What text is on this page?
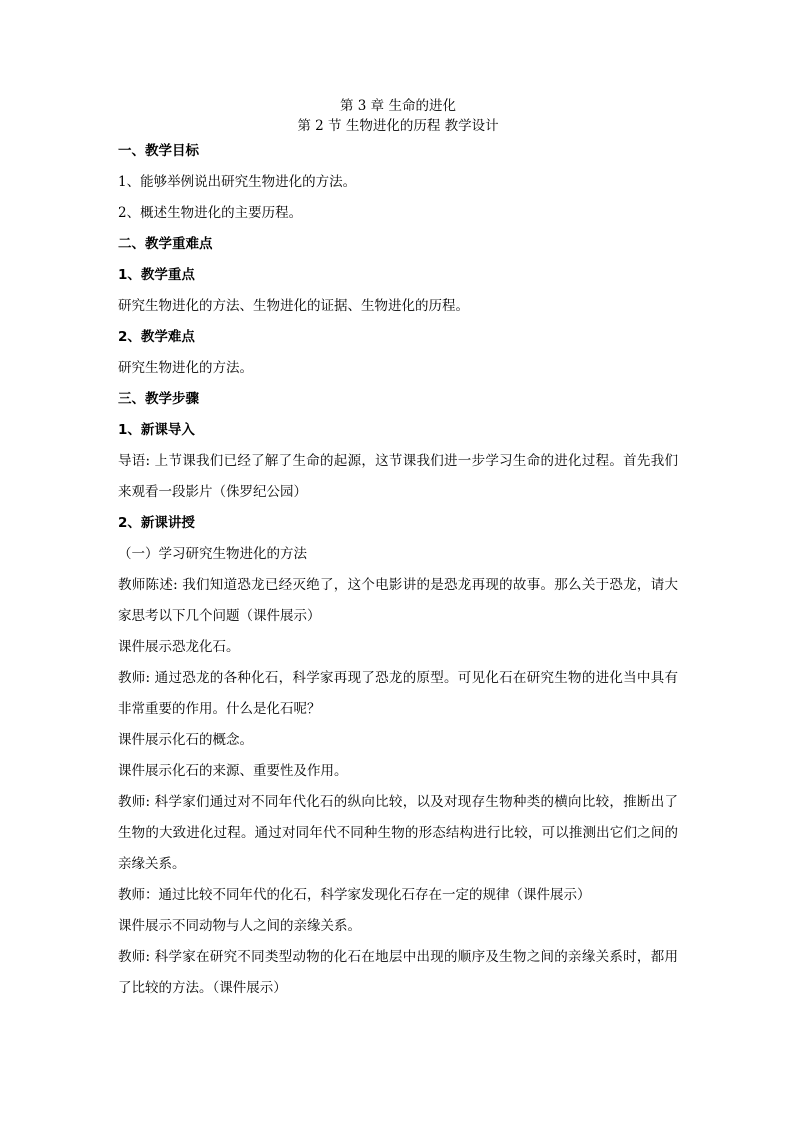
第 3 章 生命的进化

第 2 节 生物进化的历程 教学设计

一、教学目标

1、能够举例说出研究生物进化的方法。

2、概述生物进化的主要历程。

二、教学重难点

1、教学重点

研究生物进化的方法、生物进化的证据、生物进化的历程。

2、教学难点

研究生物进化的方法。

三、教学步骤

1、新课导入

导语: 上节课我们已经了解了生命的起源，这节课我们进一步学习生命的进化过程。首先我们来观看一段影片（侏罗纪公园）

2、新课讲授

（一）学习研究生物进化的方法

教师陈述: 我们知道恐龙已经灭绝了，这个电影讲的是恐龙再现的故事。那么关于恐龙，请大家思考以下几个问题（课件展示）

课件展示恐龙化石。

教师: 通过恐龙的各种化石，科学家再现了恐龙的原型。可见化石在研究生物的进化当中具有非常重要的作用。什么是化石呢？

课件展示化石的概念。

课件展示化石的来源、重要性及作用。

教师: 科学家们通过对不同年代化石的纵向比较，以及对现存生物种类的横向比较，推断出了生物的大致进化过程。通过对同年代不同种生物的形态结构进行比较，可以推测出它们之间的亲缘关系。

教师：通过比较不同年代的化石，科学家发现化石存在一定的规律（课件展示）

课件展示不同动物与人之间的亲缘关系。

教师: 科学家在研究不同类型动物的化石在地层中出现的顺序及生物之间的亲缘关系时，都用了比较的方法。（课件展示）
